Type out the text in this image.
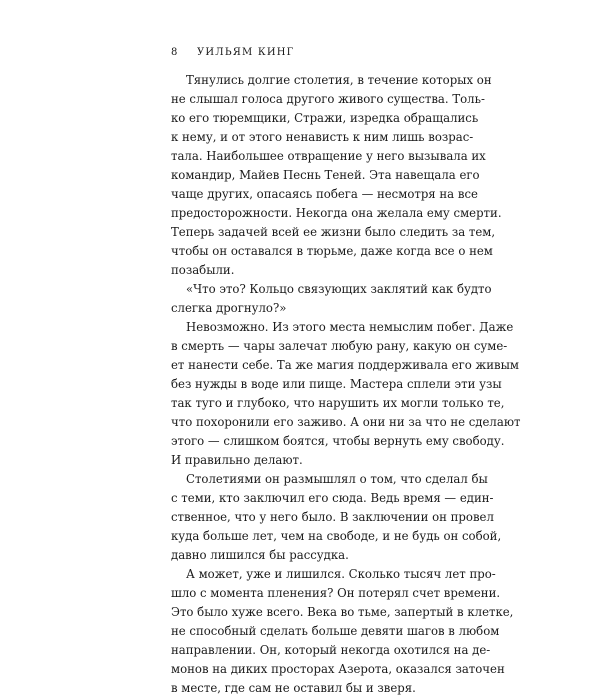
8 УИЛЬЯМ КИНГ
Тянулись долгие столетия, в течение которых он
не слышал голоса другого живого существа. Толь-
ко его тюремщики, Стражи, изредка обращались
к нему, и от этого ненависть к ним лишь возрас-
тала. Наибольшее отвращение у него вызывала их
командир, Майев Песнь Теней. Эта навещала его
чаще других, опасаясь побега — несмотря на все
предосторожности. Некогда она желала ему смерти.
Теперь задачей всей ее жизни было следить за тем,
чтобы он оставался в тюрьме, даже когда все о нем
позабыли.
«Что это? Кольцо связующих заклятий как будто
слегка дрогнуло?»
Невозможно. Из этого места немыслим побег. Даже
в смерть — чары залечат любую рану, какую он суме-
ет нанести себе. Та же магия поддерживала его живым
без нужды в воде или пище. Мастера сплели эти узы
так туго и глубоко, что нарушить их могли только те,
что похоронили его заживо. А они ни за что не сделают
этого — слишком боятся, чтобы вернуть ему свободу.
И правильно делают.
Столетиями он размышлял о том, что сделал бы
с теми, кто заключил его сюда. Ведь время — един-
ственное, что у него было. В заключении он провел
куда больше лет, чем на свободе, и не будь он собой,
давно лишился бы рассудка.
А может, уже и лишился. Сколько тысяч лет про-
шло с момента пленения? Он потерял счет времени.
Это было хуже всего. Века во тьме, запертый в клетке,
не способный сделать больше девяти шагов в любом
направлении. Он, который некогда охотился на де-
монов на диких просторах Азерота, оказался заточен
в месте, где сам не оставил бы и зверя.
